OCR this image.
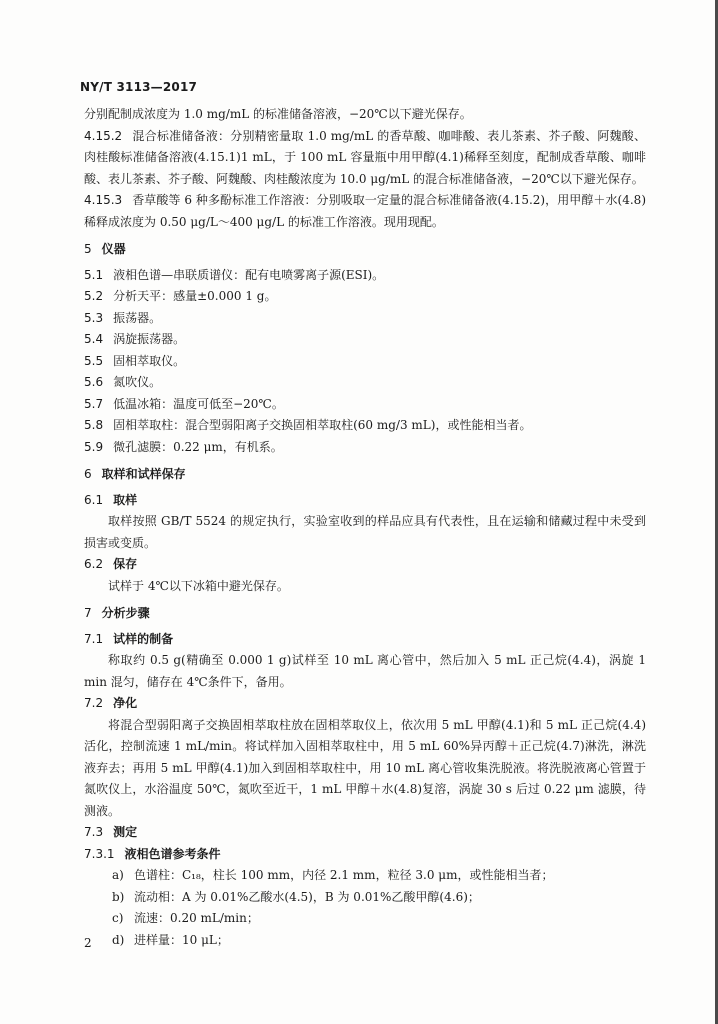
NY/T 3113—2017

分别配制成浓度为 1.0 mg/mL 的标准储备溶液，−20℃以下避光保存。

4.15.2 混合标准储备液：分别精密量取 1.0 mg/mL 的香草酸、咖啡酸、表儿茶素、芥子酸、阿魏酸、肉桂酸标准储备溶液(4.15.1)1 mL，于 100 mL 容量瓶中用甲醇(4.1)稀释至刻度，配制成香草酸、咖啡酸、表儿茶素、芥子酸、阿魏酸、肉桂酸浓度为 10.0 μg/mL 的混合标准储备液，−20℃以下避光保存。

4.15.3 香草酸等 6 种多酚标准工作溶液：分别吸取一定量的混合标准储备液(4.15.2)，用甲醇＋水(4.8)稀释成浓度为 0.50 μg/L～400 μg/L 的标准工作溶液。现用现配。

5 仪器

5.1 液相色谱—串联质谱仪：配有电喷雾离子源(ESI)。

5.2 分析天平：感量±0.000 1 g。

5.3 振荡器。

5.4 涡旋振荡器。

5.5 固相萃取仪。

5.6 氮吹仪。

5.7 低温冰箱：温度可低至−20℃。

5.8 固相萃取柱：混合型弱阳离子交换固相萃取柱(60 mg/3 mL)，或性能相当者。

5.9 微孔滤膜：0.22 μm，有机系。

6 取样和试样保存
6.1 取样

取样按照 GB/T 5524 的规定执行，实验室收到的样品应具有代表性，且在运输和储藏过程中未受到损害或变质。

6.2 保存

试样于 4℃以下冰箱中避光保存。

7 分析步骤
7.1 试样的制备

称取约 0.5 g(精确至 0.000 1 g)试样至 10 mL 离心管中，然后加入 5 mL 正己烷(4.4)，涡旋 1 min 混匀，储存在 4℃条件下，备用。

7.2 净化

将混合型弱阳离子交换固相萃取柱放在固相萃取仪上，依次用 5 mL 甲醇(4.1)和 5 mL 正己烷(4.4)活化，控制流速 1 mL/min。将试样加入固相萃取柱中，用 5 mL 60%异丙醇＋正己烷(4.7)淋洗，淋洗液弃去；再用 5 mL 甲醇(4.1)加入到固相萃取柱中，用 10 mL 离心管收集洗脱液。将洗脱液离心管置于氮吹仪上，水浴温度 50℃，氮吹至近干，1 mL 甲醇＋水(4.8)复溶，涡旋 30 s 后过 0.22 μm 滤膜，待测液。

7.3 测定
7.3.1 液相色谱参考条件
a) 色谱柱：C₁₈，柱长 100 mm，内径 2.1 mm，粒径 3.0 μm，或性能相当者；
b) 流动相：A 为 0.01%乙酸水(4.5)，B 为 0.01%乙酸甲醇(4.6)；
c) 流速：0.20 mL/min；
d) 进样量：10 μL；
2
